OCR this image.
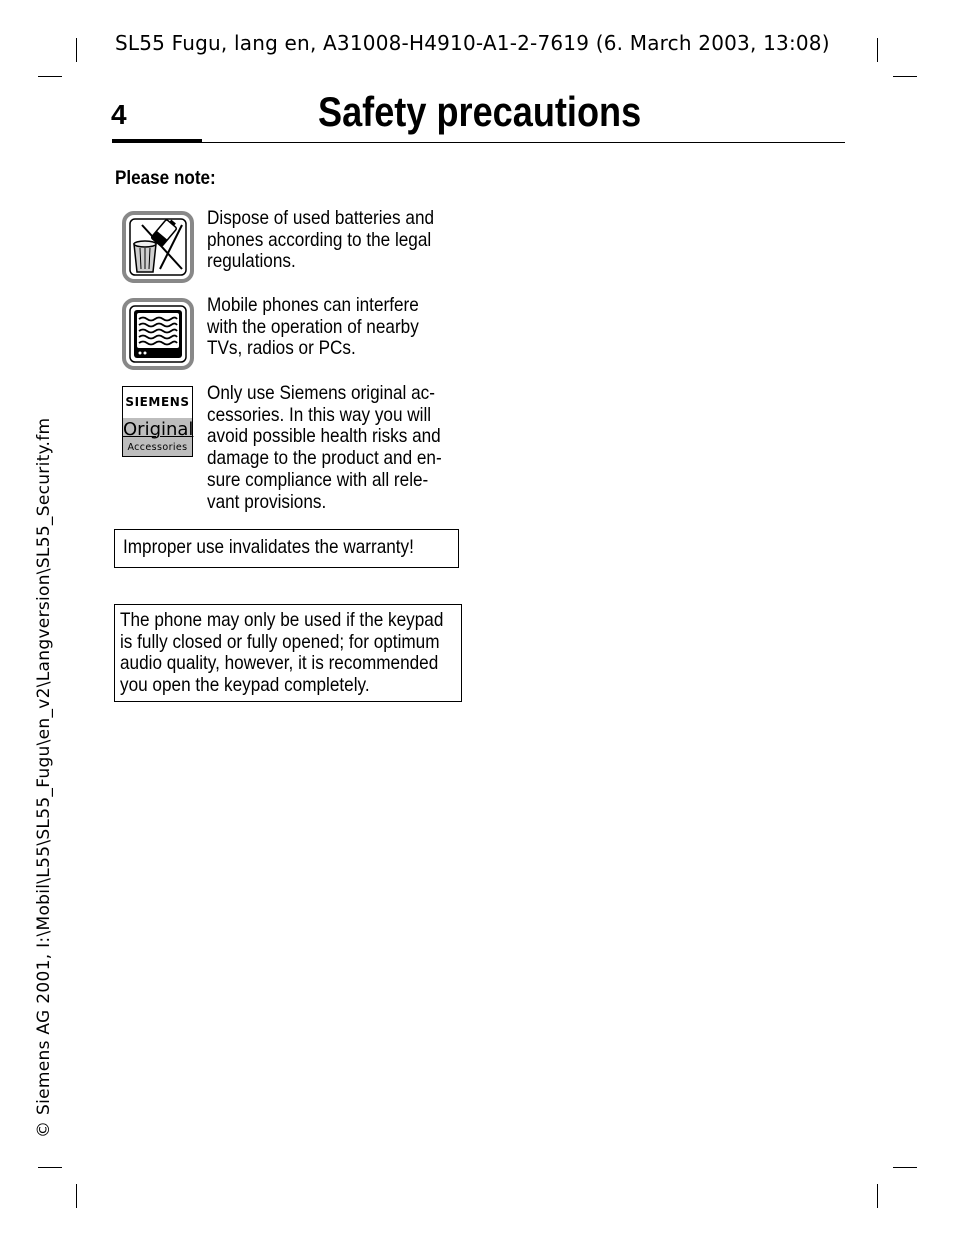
SL55 Fugu, lang en, A31008-H4910-A1-2-7619 (6. March 2003, 13:08)
4	Safety precautions
Please note:
Dispose of used batteries and
phones according to the legal
regulations.
Mobile phones can interfere
with the operation of nearby
TVs, radios or PCs.
SIEMENS
Original
Accessories
Only use Siemens original ac-
cessories. In this way you will
avoid possible health risks and
damage to the product and en-
sure compliance with all rele-
vant provisions.
Improper use invalidates the warranty!
The phone may only be used if the keypad
is fully closed or fully opened; for optimum
audio quality, however, it is recommended
you open the keypad completely.
© Siemens AG 2001, I:\Mobil\L55\SL55_Fugu\en_v2\Langversion\SL55_Security.fm
